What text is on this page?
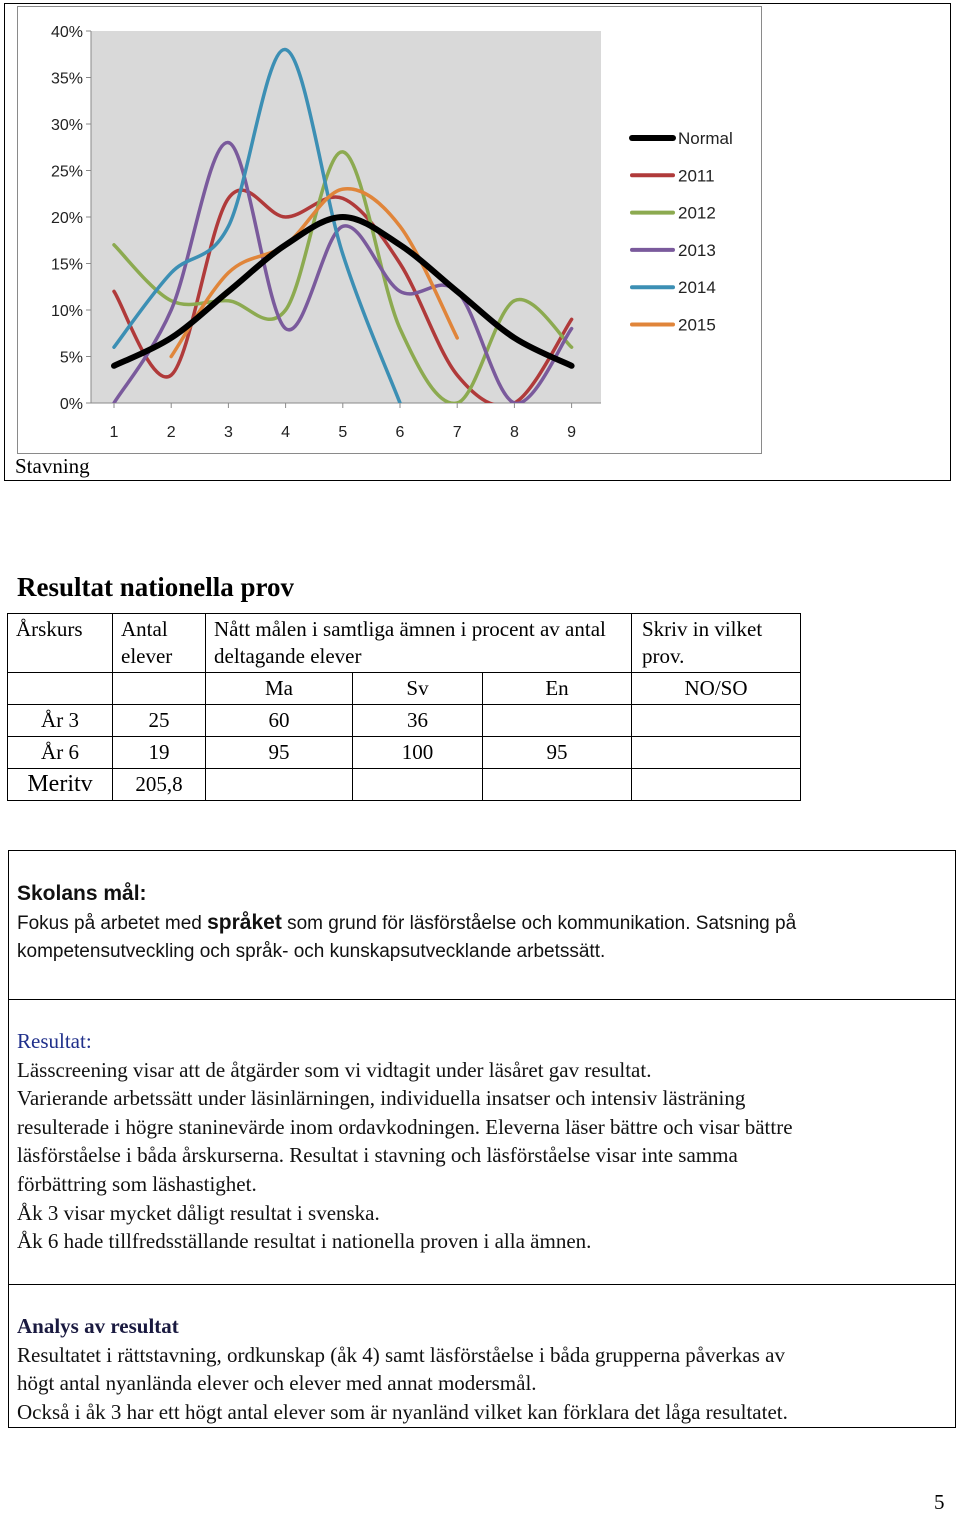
0%
5%
10%
15%
20%
25%
30%
35%
40%
1	2	3	4	5	6	7	8	9
Normal
2011
2012
2013
2014
2015
Stavning
Resultat nationella prov
Årskurs	Antal elever	Nått målen i samtliga ämnen i procent av antal deltagande elever			Skriv in vilket prov.
		Ma	Sv	En	NO/SO
År 3	25	60	36		
År 6	19	95	100	95	
Meritv	205,8				

Skolans mål:

Fokus på arbetet med språket som grund för läsförståelse och kommunikation. Satsning på

kompetensutveckling och språk- och kunskapsutvecklande arbetssätt.

Resultat:

Lässcreening visar att de åtgärder som vi vidtagit under läsåret gav resultat.

Varierande arbetssätt under läsinlärningen, individuella insatser och intensiv lästräning

resulterade i högre staninevärde inom ordavkodningen. Eleverna läser bättre och visar bättre

läsförståelse i båda årskurserna. Resultat i stavning och läsförståelse visar inte samma

förbättring som läshastighet.

Åk 3 visar mycket dåligt resultat i svenska.

Åk 6 hade tillfredsställande resultat i nationella proven i alla ämnen.

Analys av resultat

Resultatet i rättstavning, ordkunskap (åk 4) samt läsförståelse i båda grupperna påverkas av

högt antal nyanlända elever och elever med annat modersmål.

Också i åk 3 har ett högt antal elever som är nyanländ vilket kan förklara det låga resultatet.

5
